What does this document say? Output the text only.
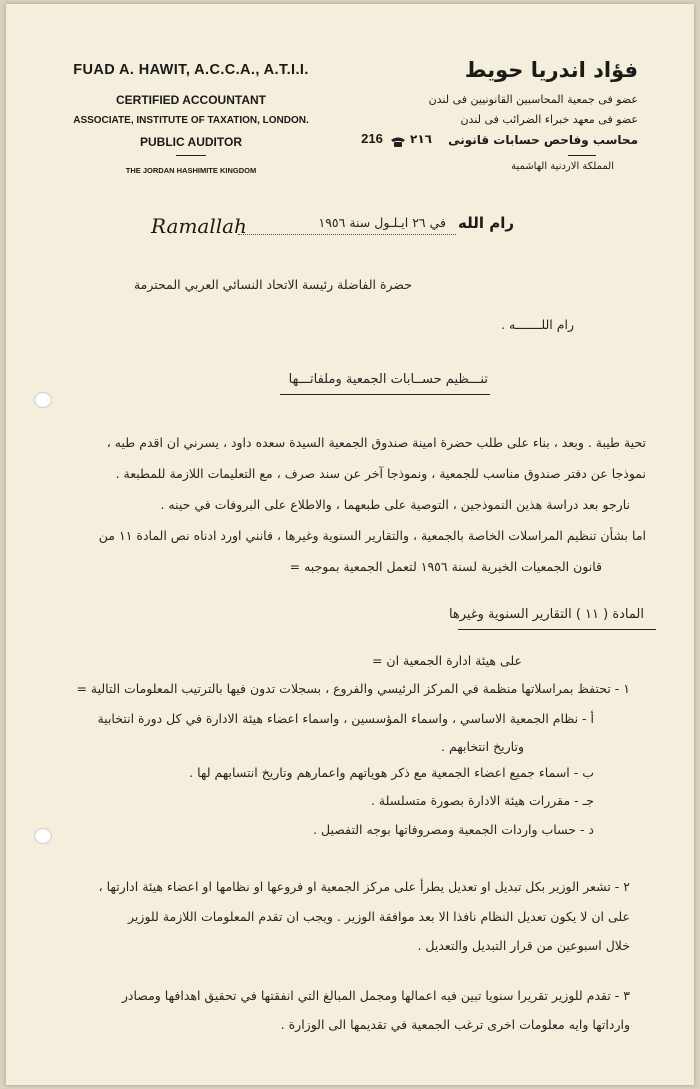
FUAD A. HAWIT, A.C.C.A., A.T.I.I.
CERTIFIED ACCOUNTANT
ASSOCIATE, INSTITUTE OF TAXATION, LONDON.
PUBLIC AUDITOR
THE JORDAN HASHIMITE KINGDOM
216	٢١٦
فؤاد اندريا حويط
عضو فى جمعية المحاسبين القانونيين فى لندن
عضو فى معهد خبراء الضرائب فى لندن
محاسب وفاحص حسابات قانونى
المملكة الاردنية الهاشمية
Ramallah	في ٢٦ ايـلـول سنة ١٩٥٦ رام الله
حضرة الفاضلة رئيسة الاتحاد النسائي العربي المحترمة
رام اللـــــــه .
تنـــظيم حســابات الجمعية وملفاتـــها
تحية طيبة . وبعد ، بناء على طلب حضرة امينة صندوق الجمعية السيدة سعده داود ، يسرني ان اقدم طيه ،
نموذجا عن دفتر صندوق مناسب للجمعية ، ونموذجا آخر عن سند صرف ، مع التعليمات اللازمة للمطبعة .
نارجو بعد دراسة هذين النموذجين ، التوصية على طبعهما ، والاطلاع على البروفات في حينه .
اما بشأن تنظيم المراسلات الخاصة بالجمعية ، والتقارير السنوية وغيرها ، فانني اورد ادناه نص المادة ١١ من
قانون الجمعيات الخيرية لسنة ١٩٥٦ لتعمل الجمعية بموجبه =
المادة ( ١١ ) التقارير السنوية وغيرها
على هيئة ادارة الجمعية ان =
١ - تحتفظ بمراسلاتها منظمة في المركز الرئيسي والفروع ، بسجلات تدون فيها بالترتيب المعلومات التالية =
أ - نظام الجمعية الاساسي ، واسماء المؤسسين ، واسماء اعضاء هيئة الادارة في كل دورة انتخابية
وتاريخ انتخابهم .
ب - اسماء جميع اعضاء الجمعية مع ذكر هوياتهم واعمارهم وتاريخ انتسابهم لها .
جـ - مقررات هيئة الادارة بصورة متسلسلة .
د - حساب واردات الجمعية ومصروفاتها بوجه التفصيل .
٢ - تشعر الوزير بكل تبديل او تعديل يطرأ على مركز الجمعية او فروعها او نظامها او اعضاء هيئة ادارتها ،
على ان لا يكون تعديل النظام نافذا الا بعد موافقة الوزير . ويجب ان تقدم المعلومات اللازمة للوزير
خلال اسبوعين من قرار التبديل والتعديل .
٣ - تقدم للوزير تقريرا سنويا تبين فيه اعمالها ومجمل المبالغ التي انفقتها في تحقيق اهدافها ومصادر
وارداتها وايه معلومات اخرى ترغب الجمعية في تقديمها الى الوزارة .
